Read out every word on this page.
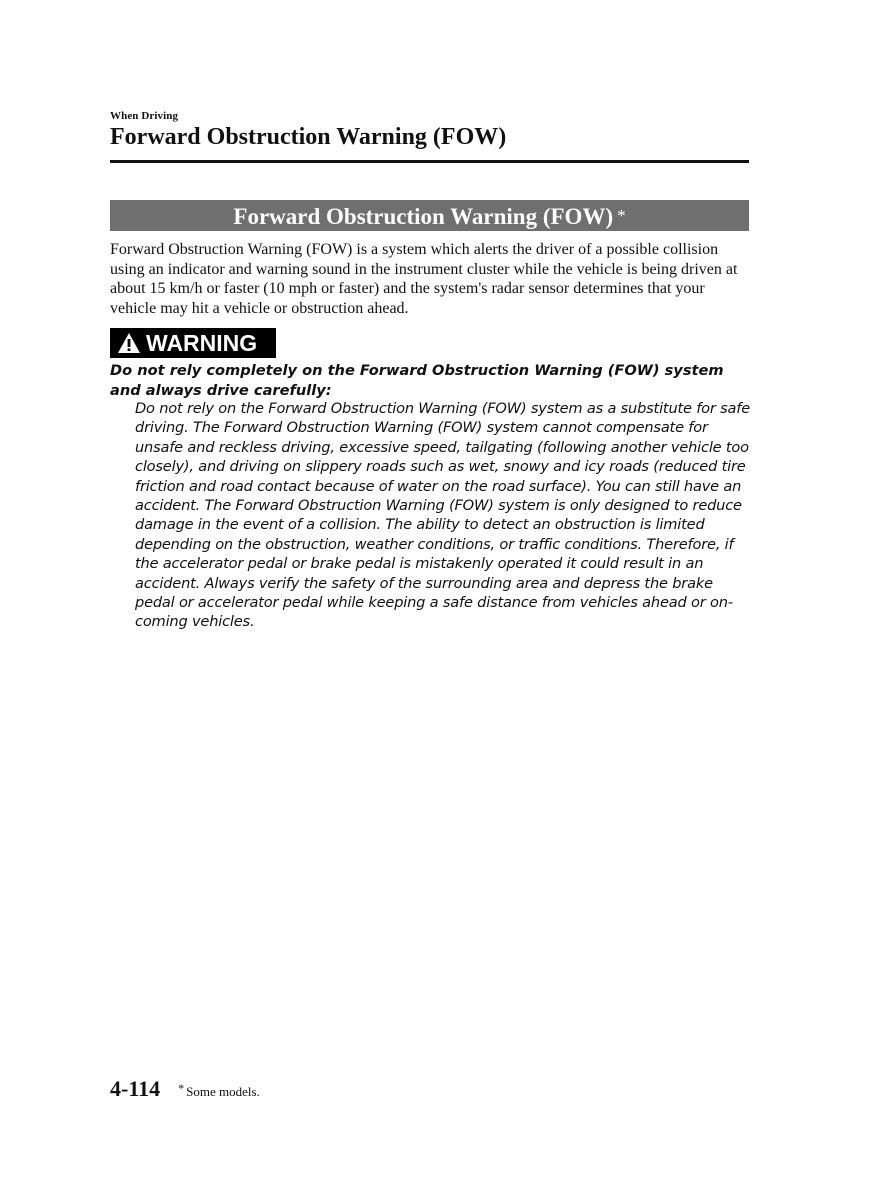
When Driving
Forward Obstruction Warning (FOW)
Forward Obstruction Warning (FOW) *
Forward Obstruction Warning (FOW) is a system which alerts the driver of a possible collision using an indicator and warning sound in the instrument cluster while the vehicle is being driven at about 15 km/h or faster (10 mph or faster) and the system's radar sensor determines that your vehicle may hit a vehicle or obstruction ahead.
WARNING
Do not rely completely on the Forward Obstruction Warning (FOW) system and always drive carefully:
Do not rely on the Forward Obstruction Warning (FOW) system as a substitute for safe driving. The Forward Obstruction Warning (FOW) system cannot compensate for unsafe and reckless driving, excessive speed, tailgating (following another vehicle too closely), and driving on slippery roads such as wet, snowy and icy roads (reduced tire friction and road contact because of water on the road surface). You can still have an accident. The Forward Obstruction Warning (FOW) system is only designed to reduce damage in the event of a collision. The ability to detect an obstruction is limited depending on the obstruction, weather conditions, or traffic conditions. Therefore, if the accelerator pedal or brake pedal is mistakenly operated it could result in an accident. Always verify the safety of the surrounding area and depress the brake pedal or accelerator pedal while keeping a safe distance from vehicles ahead or on-coming vehicles.
4-114 * Some models.
